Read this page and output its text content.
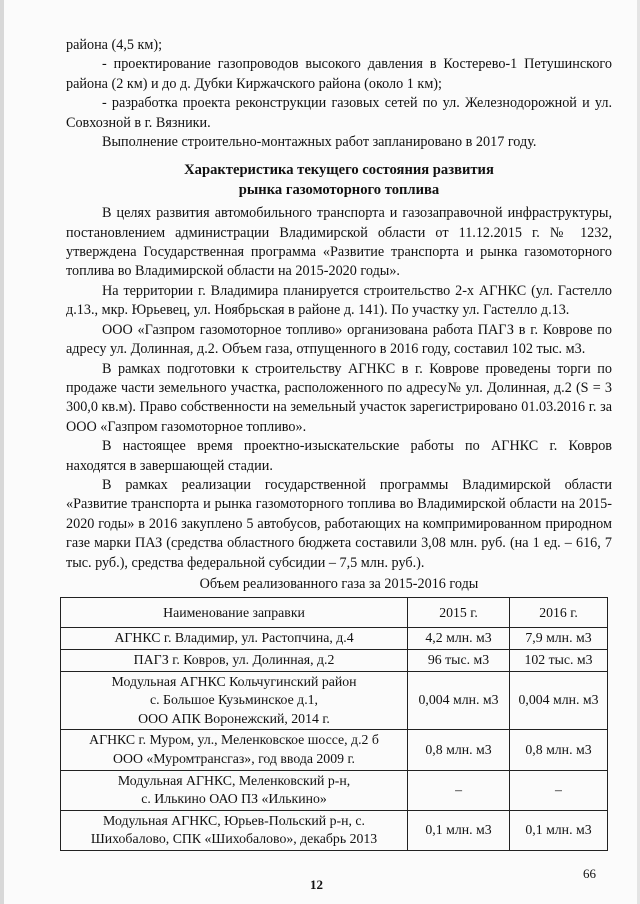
района (4,5 км);

- проектирование газопроводов высокого давления в Костерево-1 Петушинского района (2 км) и до д. Дубки Киржачского района (около 1 км);

- разработка проекта реконструкции газовых сетей по ул. Железнодорожной и ул. Совхозной в г. Вязники.

Выполнение строительно-монтажных работ запланировано в 2017 году.

Характеристика текущего состояния развития
рынка газомоторного топлива

В целях развития автомобильного транспорта и газозаправочной инфраструктуры, постановлением администрации Владимирской области от 11.12.2015 г. № 1232, утверждена Государственная программа «Развитие транспорта и рынка газомоторного топлива во Владимирской области на 2015-2020 годы».

На территории г. Владимира планируется строительство 2-х АГНКС (ул. Гастелло д.13., мкр. Юрьевец, ул. Ноябрьская в районе д. 141). По участку ул. Гастелло д.13.

ООО «Газпром газомоторное топливо» организована работа ПАГЗ в г. Коврове по адресу ул. Долинная, д.2. Объем газа, отпущенного в 2016 году, составил 102 тыс. м3.

В рамках подготовки к строительству АГНКС в г. Коврове проведены торги по продаже части земельного участка, расположенного по адресу№ ул. Долинная, д.2 (S = 3 300,0 кв.м). Право собственности на земельный участок зарегистрировано 01.03.2016 г. за ООО «Газпром газомоторное топливо».

В настоящее время проектно-изыскательские работы по АГНКС г. Ковров находятся в завершающей стадии.

В рамках реализации государственной программы Владимирской области «Развитие транспорта и рынка газомоторного топлива во Владимирской области на 2015-2020 годы» в 2016 закуплено 5 автобусов, работающих на компримированном природном газе марки ПАЗ (средства областного бюджета составили 3,08 млн. руб. (на 1 ед. – 616, 7 тыс. руб.), средства федеральной субсидии – 7,5 млн. руб.).

Объем реализованного газа за 2015-2016 годы

Наименование заправки	2015 г.	2016 г.

АГНКС г. Владимир, ул. Растопчина, д.4	4,2 млн. м3	7,9 млн. м3

ПАГЗ г. Ковров, ул. Долинная, д.2	96 тыс. м3	102 тыс. м3

Модульная АГНКС Кольчугинский район
с. Большое Кузьминское д.1,
ООО АПК Воронежский, 2014 г.	0,004 млн. м3	0,004 млн. м3

АГНКС г. Муром, ул., Меленковское шоссе, д.2 б
ООО «Муромтрансгаз», год ввода 2009 г.	0,8 млн. м3	0,8 млн. м3

Модульная АГНКС, Меленковский р-н,
с. Илькино ОАО ПЗ «Илькино»	–	–

Модульная АГНКС, Юрьев-Польский р-н, с.
Шихобалово, СПК «Шихобалово», декабрь 2013	0,1 млн. м3	0,1 млн. м3
12
66
